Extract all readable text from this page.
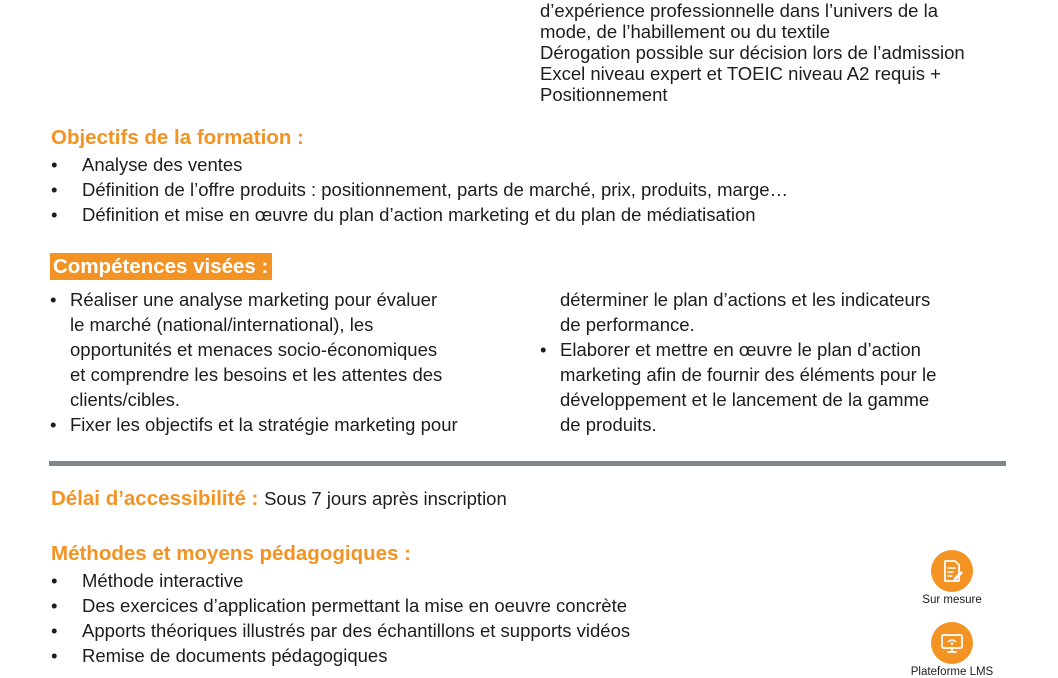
d’expérience professionnelle dans l’univers de la
mode, de l’habillement ou du textile
Dérogation possible sur décision lors de l’admission
Excel niveau expert et TOEIC niveau A2 requis +
Positionnement
Objectifs de la formation :
• Analyse des ventes
• Définition de l’offre produits : positionnement, parts de marché, prix, produits, marge…
• Définition et mise en œuvre du plan d’action marketing et du plan de médiatisation
Compétences visées :
• Réaliser une analyse marketing pour évaluer
le marché (national/international), les
opportunités et menaces socio-économiques
et comprendre les besoins et les attentes des
clients/cibles.
• Fixer les objectifs et la stratégie marketing pour
déterminer le plan d’actions et les indicateurs
de performance.
• Elaborer et mettre en œuvre le plan d’action
marketing afin de fournir des éléments pour le
développement et le lancement de la gamme
de produits.
Délai d’accessibilité : Sous 7 jours après inscription
Méthodes et moyens pédagogiques :
• Méthode interactive
• Des exercices d’application permettant la mise en oeuvre concrète
• Apports théoriques illustrés par des échantillons et supports vidéos
• Remise de documents pédagogiques
Sur mesure
Plateforme LMS
